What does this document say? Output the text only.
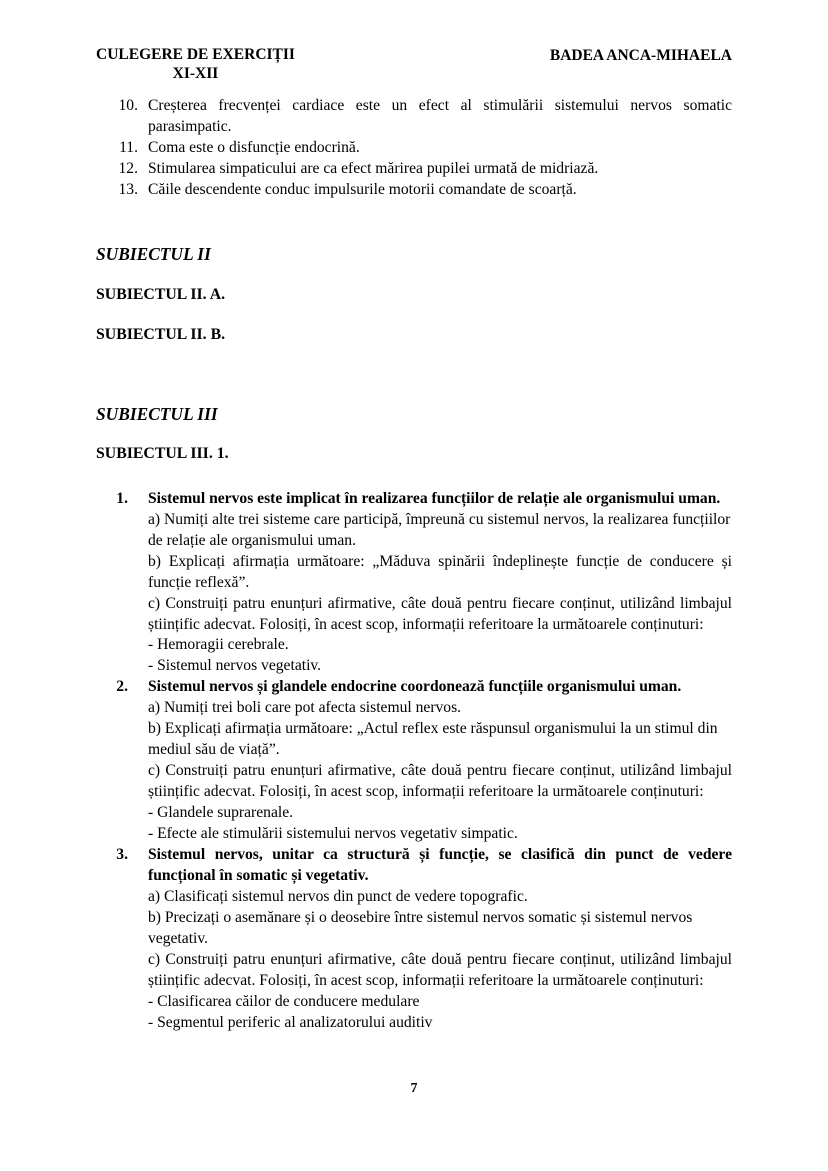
CULEGERE DE EXERCIȚII
XI-XII
BADEA ANCA-MIHAELA
10. Creșterea frecvenței cardiace este un efect al stimulării sistemului nervos somatic parasimpatic.
11. Coma este o disfuncție endocrină.
12. Stimularea simpaticului are ca efect mărirea pupilei urmată de midriază.
13. Căile descendente conduc impulsurile motorii comandate de scoarță.
SUBIECTUL II
SUBIECTUL II. A.
SUBIECTUL II. B.
SUBIECTUL III
SUBIECTUL III. 1.
1. Sistemul nervos este implicat în realizarea funcțiilor de relație ale organismului uman.

a) Numiți alte trei sisteme care participă, împreună cu sistemul nervos, la realizarea funcțiilor de relație ale organismului uman.

b) Explicați afirmația următoare: „Măduva spinării îndeplinește funcție de conducere și funcție reflexă”.

c) Construiți patru enunțuri afirmative, câte două pentru fiecare conținut, utilizând limbajul științific adecvat. Folosiți, în acest scop, informații referitoare la următoarele conținuturi:

- Hemoragii cerebrale.

- Sistemul nervos vegetativ.

2. Sistemul nervos și glandele endocrine coordonează funcțiile organismului uman.

a) Numiți trei boli care pot afecta sistemul nervos.

b) Explicați afirmația următoare: „Actul reflex este răspunsul organismului la un stimul din mediul său de viață”.

c) Construiți patru enunțuri afirmative, câte două pentru fiecare conținut, utilizând limbajul științific adecvat. Folosiți, în acest scop, informații referitoare la următoarele conținuturi:

- Glandele suprarenale.

- Efecte ale stimulării sistemului nervos vegetativ simpatic.

3. Sistemul nervos, unitar ca structură și funcție, se clasifică din punct de vedere funcțional în somatic și vegetativ.

a) Clasificați sistemul nervos din punct de vedere topografic.

b) Precizați o asemănare și o deosebire între sistemul nervos somatic și sistemul nervos vegetativ.

c) Construiți patru enunțuri afirmative, câte două pentru fiecare conținut, utilizând limbajul științific adecvat. Folosiți, în acest scop, informații referitoare la următoarele conținuturi:

- Clasificarea căilor de conducere medulare

- Segmentul periferic al analizatorului auditiv

7
